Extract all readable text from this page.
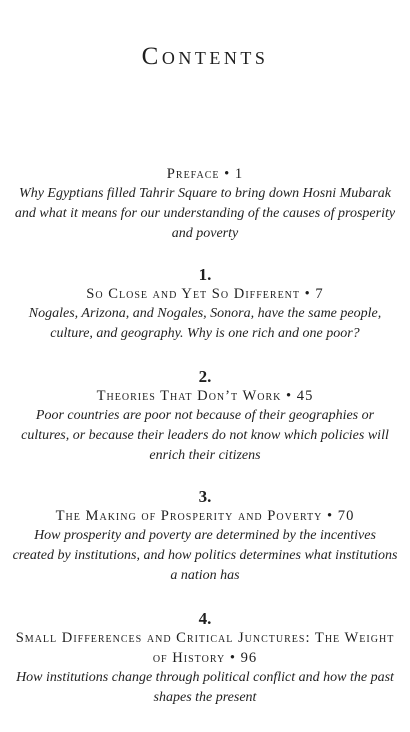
Contents
Preface • 1
Why Egyptians filled Tahrir Square to bring down Hosni Mubarak and what it means for our understanding of the causes of prosperity and poverty
1.
So Close and Yet So Different • 7
Nogales, Arizona, and Nogales, Sonora, have the same people, culture, and geography. Why is one rich and one poor?
2.
Theories That Don’t Work • 45
Poor countries are poor not because of their geographies or cultures, or because their leaders do not know which policies will enrich their citizens
3.
The Making of Prosperity and Poverty • 70
How prosperity and poverty are determined by the incentives created by institutions, and how politics determines what institutions a nation has
4.
Small Differences and Critical Junctures: The Weight of History • 96
How institutions change through political conflict and how the past shapes the present
